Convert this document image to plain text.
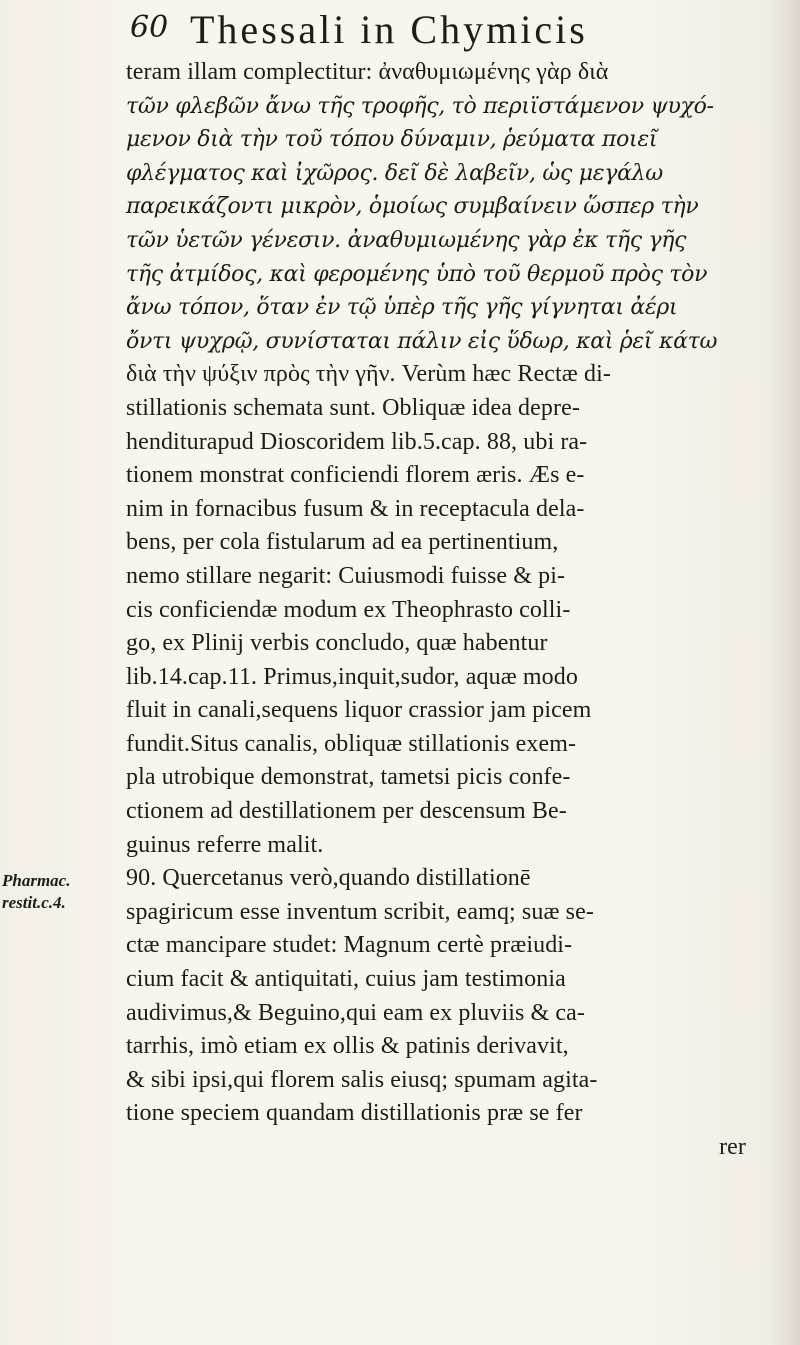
60 Thessali in Chymicis
Pharmac.
restit.c.4.
teram illam complectitur: ἀναθυμιωμένης γὰρ διὰ
τῶν φλεβῶν ἄνω τῆς τροφῆς, τὸ περιϊστάμενον ψυχό-
μενον διὰ τὴν τοῦ τόπου δύναμιν, ῥεύματα ποιεῖ
φλέγματος καὶ ἰχῶρος. δεῖ δὲ λαβεῖν, ὡς μεγάλω
παρεικάζοντι μικρὸν, ὁμοίως συμβαίνειν ὥσπερ τὴν
τῶν ὑετῶν γένεσιν. ἀναθυμιωμένης γὰρ ἐκ τῆς γῆς
τῆς ἀτμίδος, καὶ φερομένης ὑπὸ τοῦ θερμοῦ πρὸς τὸν
ἄνω τόπον, ὅταν ἐν τῷ ὑπὲρ τῆς γῆς γίγνηται ἀέρι
ὄντι ψυχρῷ, συνίσταται πάλιν εἰς ὕδωρ, καὶ ῥεῖ κάτω
διὰ τὴν ψύξιν πρὸς τὴν γῆν. Verùm hæc Rectæ di-
stillationis schemata sunt. Obliquæ idea depre-
henditurapud Dioscoridem lib.5.cap. 88, ubi ra-
tionem monstrat conficiendi florem æris. Æs e-
nim in fornacibus fusum & in receptacula dela-
bens, per cola fistularum ad ea pertinentium,
nemo stillare negarit: Cuiusmodi fuisse & pi-
cis conficiendæ modum ex Theophrasto colli-
go, ex Plinij verbis concludo, quæ habentur
lib.14.cap.11. Primus,inquit,sudor, aquæ modo
fluit in canali,sequens liquor crassior jam picem
fundit.Situs canalis, obliquæ stillationis exem-
pla utrobique demonstrat, tametsi picis confe-
ctionem ad destillationem per descensum Be-
guinus referre malit.
90. Quercetanus verò,quando distillationē
spagiricum esse inventum scribit, eamq; suæ se-
ctæ mancipare studet: Magnum certè præiudi-
cium facit & antiquitati, cuius jam testimonia
audivimus,& Beguino,qui eam ex pluviis & ca-
tarrhis, imò etiam ex ollis & patinis derivavit,
& sibi ipsi,qui florem salis eiusq; spumam agita-
tione speciem quandam distillationis præ se fer
rer
